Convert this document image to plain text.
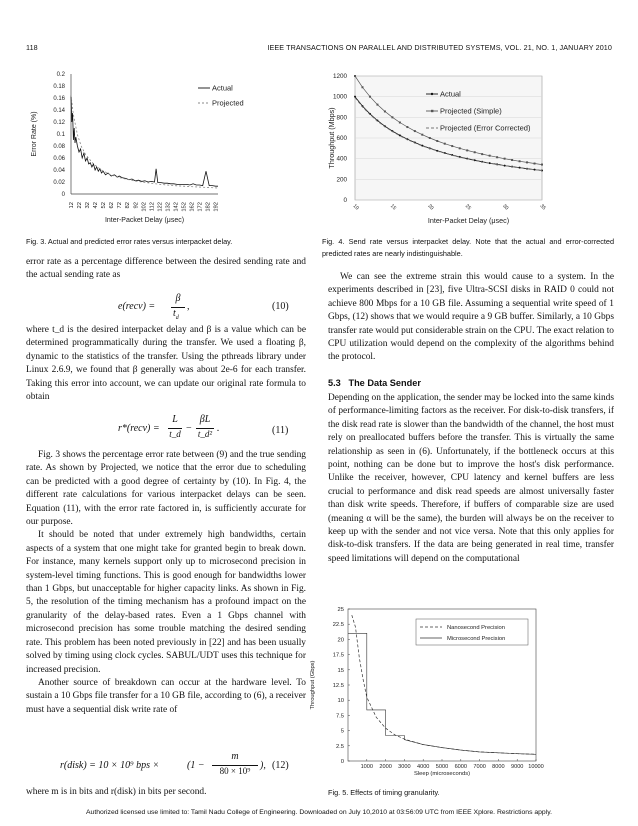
118	IEEE TRANSACTIONS ON PARALLEL AND DISTRIBUTED SYSTEMS, VOL. 21, NO. 1, JANUARY 2010
0
0.02
0.04
0.06
0.08
0.1
0.12
0.14
0.16
0.18
0.2
12 22 32 42 52 62 72 82 92 102 112 122 132 142 152 162 172 182 192
Inter-Packet Delay (μsec)
Error Rate (%)
Actual
Projected
Fig. 3. Actual and predicted error rates versus interpacket delay.
0
200
400
600
800
1000
1200
10	15	20	25	30	35
Inter-Packet Delay (μsec)
Throughput (Mbps)
Actual
Projected (Simple)
Projected (Error Corrected)
Fig. 4. Send rate versus interpacket delay. Note that the actual and error-corrected predicted rates are nearly indistinguishable.

error rate as a percentage difference between the desired sending rate and the actual sending rate as

e(recv) =
β
$t_d$
,	(10)

where t_d is the desired interpacket delay and β is a value which can be determined programmatically during the transfer. We used a floating β, dynamic to the statistics of the transfer. Using the pthreads library under Linux 2.6.9, we found that β generally was about 2e-6 for each transfer. Taking this error into account, we can update our original rate formula to obtain

r*(recv) =
L
t_d −
βL
t_d² .	(11)

Fig. 3 shows the percentage error rate between (9) and the true sending rate. As shown by Projected, we notice that the error due to scheduling can be predicted with a good degree of certainty by (10). In Fig. 4, the different rate calculations for various interpacket delays can be seen. Equation (11), with the error rate factored in, is sufficiently accurate for our purpose.

It should be noted that under extremely high bandwidths, certain aspects of a system that one might take for granted begin to break down. For instance, many kernels support only up to microsecond precision in system-level timing functions. This is good enough for bandwidths lower than 1 Gbps, but unacceptable for higher capacity links. As shown in Fig. 5, the resolution of the timing mechanism has a profound impact on the granularity of the delay-based rates. Even a 1 Gbps channel with microsecond precision has some trouble matching the desired sending rate. This problem has been noted previously in [22] and has been usually solved by timing using clock cycles. SABUL/UDT uses this technique for increased precision.

Another source of breakdown can occur at the hardware level. To sustain a 10 Gbps file transfer for a 10 GB file, according to (6), a receiver must have a sequential disk write rate of

r(disk) = 10 × 10⁹ bps ×	(1 −
m
80 × 10⁹ ), (12)

where m is in bits and r(disk) in bits per second.

We can see the extreme strain this would cause to a system. In the experiments described in [23], five Ultra-SCSI disks in RAID 0 could not achieve 800 Mbps for a 10 GB file. Assuming a sequential write speed of 1 Gbps, (12) shows that we would require a 9 GB buffer. Similarly, a 10 Gbps transfer rate would put considerable strain on the CPU. The exact relation to CPU utilization would depend on the complexity of the algorithms behind the protocol.

5.3 The Data Sender

Depending on the application, the sender may be locked into the same kinds of performance-limiting factors as the receiver. For disk-to-disk transfers, if the disk read rate is slower than the bandwidth of the channel, the host must rely on preallocated buffers before the transfer. This is virtually the same relationship as seen in (6). Unfortunately, if the bottleneck occurs at this point, nothing can be done but to improve the host's disk performance. Unlike the receiver, however, CPU latency and kernel buffers are less crucial to performance and disk read speeds are almost universally faster than disk write speeds. Therefore, if buffers of comparable size are used (meaning α will be the same), the burden will always be on the receiver to keep up with the sender and not vice versa. Note that this only applies for disk-to-disk transfers. If the data are being generated in real time, transfer speed limitations will depend on the computational

0
2.5
5
7.5
10
12.5
15
17.5
20
22.5
25
1000 2000 3000 4000 5000 6000 7000 8000 9000 10000
Sleep (microseconds)
Throughput (Gbps)
Nanosecond Precision
Microsecond Precision
Fig. 5. Effects of timing granularity.
Authorized licensed use limited to: Tamil Nadu College of Engineering. Downloaded on July 10,2010 at 03:56:09 UTC from IEEE Xplore. Restrictions apply.
